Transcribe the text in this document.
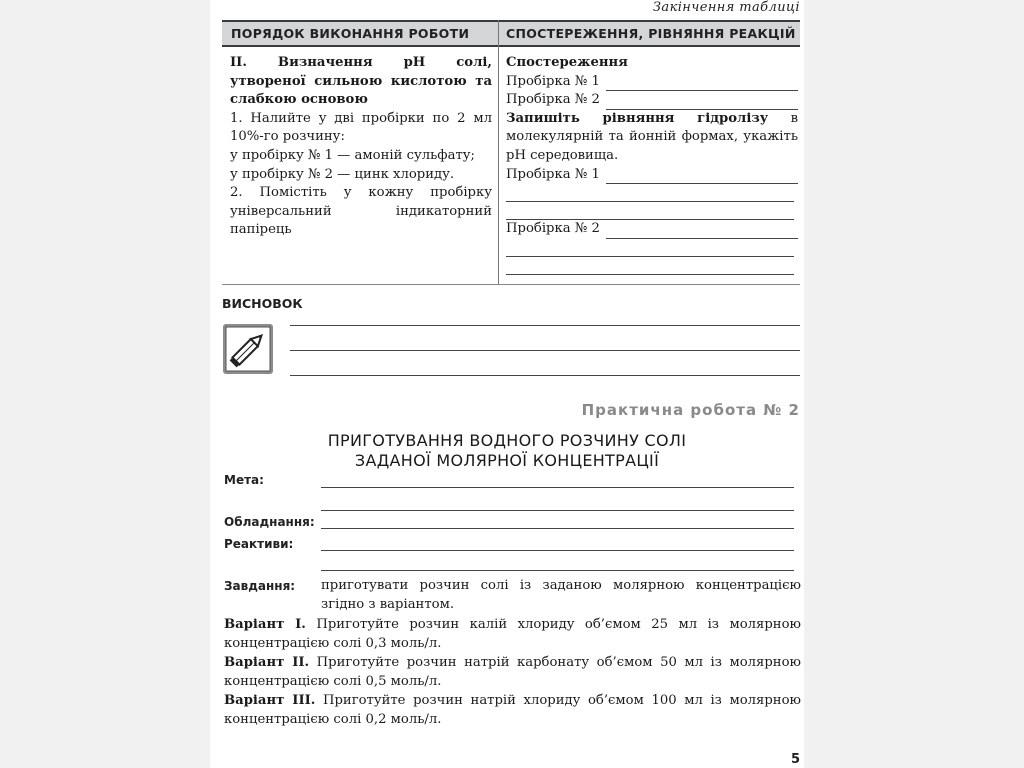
Закінчення таблиці
ПОРЯДОК ВИКОНАННЯ РОБОТИ	СПОСТЕРЕЖЕННЯ, РІВНЯННЯ РЕАКЦІЙ

ІІ. Визначення pH солі, утвореної сильною кислотою та слабкою основою

1. Налийте у дві пробірки по 2 мл 10%-го розчину:

у пробірку № 1 — амоній сульфату;

у пробірку № 2 — цинк хлориду.

2. Помістіть у кожну пробірку універсальний індикаторний папірець

Спостереження

Пробірка № 1
Пробірка № 2

Запишіть рівняння гідролізу в молекулярній та йонній формах, укажіть pH середовища.

Пробірка № 1
Пробірка № 2
ВИСНОВОК
Практична робота № 2
ПРИГОТУВАННЯ ВОДНОГО РОЗЧИНУ СОЛІ
ЗАДАНОЇ МОЛЯРНОЇ КОНЦЕНТРАЦІЇ
Мета:
Обладнання:
Реактиви:
Завдання: приготувати розчин солі із заданою молярною концентрацією згідно з варіантом.

Варіант І. Приготуйте розчин калій хлориду об’ємом 25 мл із молярною концентрацією солі 0,3 моль/л.

Варіант ІІ. Приготуйте розчин натрій карбонату об’ємом 50 мл із молярною концентрацією солі 0,5 моль/л.

Варіант ІІІ. Приготуйте розчин натрій хлориду об’ємом 100 мл із молярною концентрацією солі 0,2 моль/л.

5
